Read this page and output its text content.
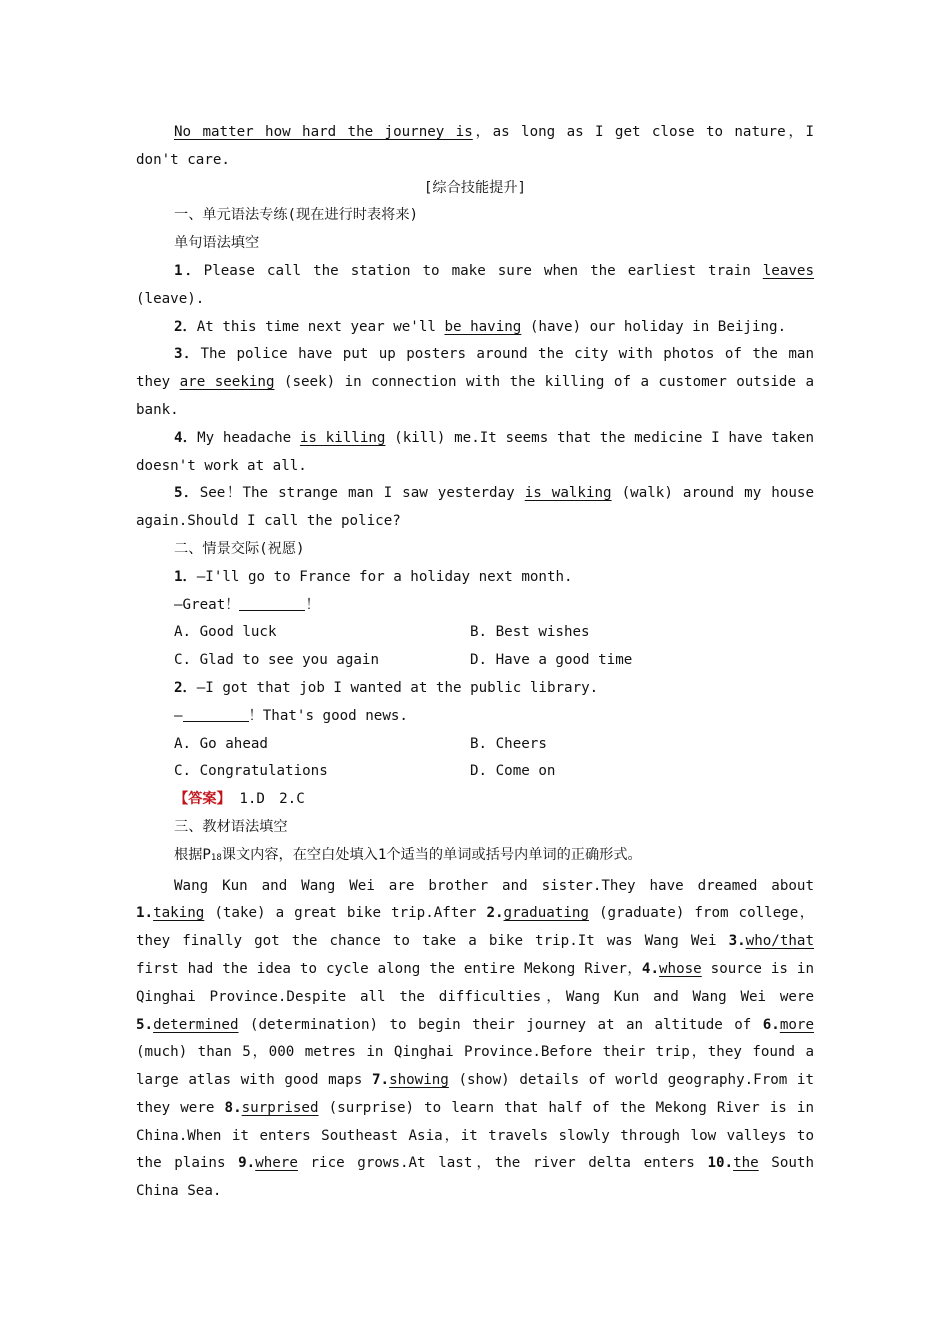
No matter how hard the journey is，as long as I get close to nature，I don't care.

[综合技能提升]

一、单元语法专练(现在进行时表将来)

单句语法填空

1．Please call the station to make sure when the earliest train leaves (leave).

2．At this time next year we'll be having (have) our holiday in Beijing.

3．The police have put up posters around the city with photos of the man they are seeking (seek) in connection with the killing of a customer outside a bank.

4．My headache is killing (kill) me.It seems that the medicine I have taken doesn't work at all.

5．See！The strange man I saw yesterday is walking (walk) around my house again.Should I call the police?

二、情景交际(祝愿)

1．—I'll go to France for a holiday next month.

—Great！	！

A. Good luck	B. Best wishes
C. Glad to see you again	D. Have a good time

2．—I got that job I wanted at the public library.

—	！That's good news.

A. Go ahead	B. Cheers
C. Congratulations	D. Come on

【答案】 1.D　2.C

三、教材语法填空

根据$P_{18}$课文内容，在空白处填入1个适当的单词或括号内单词的正确形式。

Wang Kun and Wang Wei are brother and sister.They have dreamed about 1.taking (take) a great bike trip.After 2.graduating (graduate) from college，they finally got the chance to take a bike trip.It was Wang Wei 3.who/that first had the idea to cycle along the entire Mekong River，4.whose source is in Qinghai Province.Despite all the difficulties，Wang Kun and Wang Wei were 5.determined (determination) to begin their journey at an altitude of 6.more (much) than 5，000 metres in Qinghai Province.Before their trip，they found a large atlas with good maps 7.showing (show) details of world geography.From it they were 8.surprised (surprise) to learn that half of the Mekong River is in China.When it enters Southeast Asia，it travels slowly through low valleys to the plains 9.where rice grows.At last，the river delta enters 10.the South China Sea.
